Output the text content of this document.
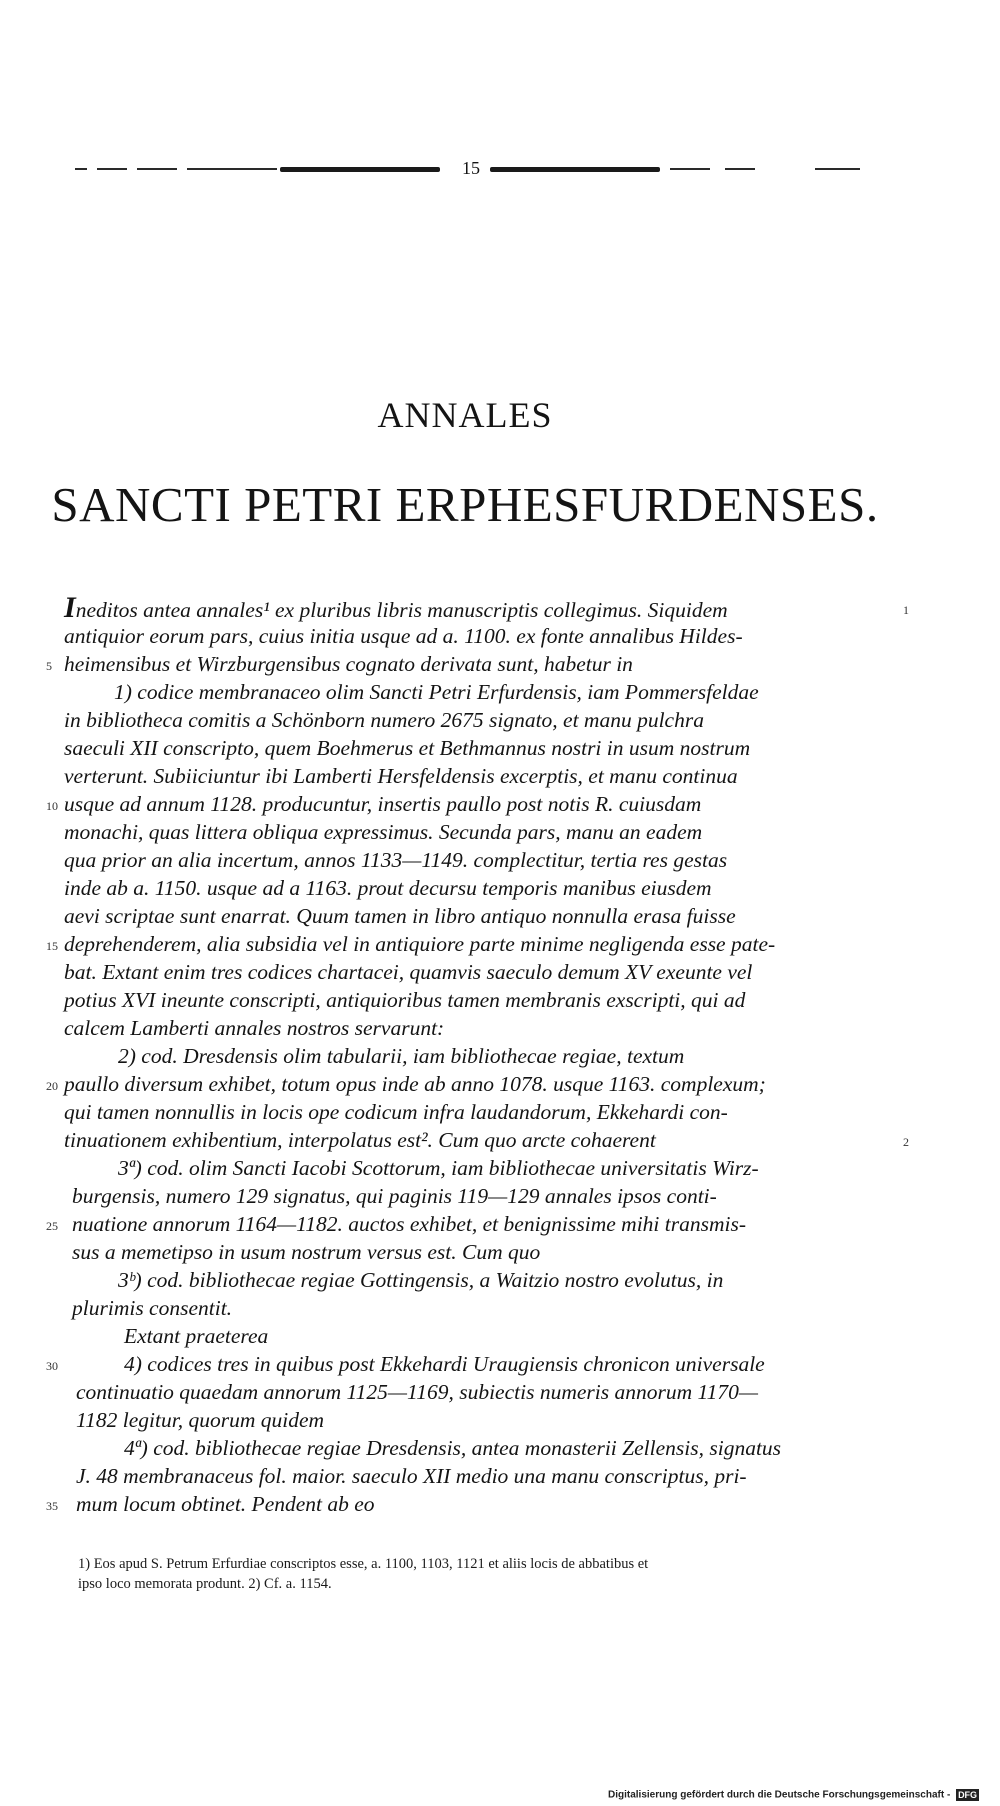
15
ANNALES
SANCTI PETRI ERPHESFURDENSES.
Ineditos antea annales¹ ex pluribus libris manuscriptis collegimus. Siquidem	1
antiquior eorum pars, cuius initia usque ad a. 1100. ex fonte annalibus Hildes-
5 heimensibus et Wirzburgensibus cognato derivata sunt, habetur in
1) codice membranaceo olim Sancti Petri Erfurdensis, iam Pommersfeldae
in bibliotheca comitis a Schönborn numero 2675 signato, et manu pulchra
saeculi XII conscripto, quem Boehmerus et Bethmannus nostri in usum nostrum
verterunt. Subiiciuntur ibi Lamberti Hersfeldensis excerptis, et manu continua
10 usque ad annum 1128. producuntur, insertis paullo post notis R. cuiusdam
monachi, quas littera obliqua expressimus. Secunda pars, manu an eadem
qua prior an alia incertum, annos 1133—1149. complectitur, tertia res gestas
inde ab a. 1150. usque ad a 1163. prout decursu temporis manibus eiusdem
aevi scriptae sunt enarrat. Quum tamen in libro antiquo nonnulla erasa fuisse
15 deprehenderem, alia subsidia vel in antiquiore parte minime negligenda esse pate-
bat. Extant enim tres codices chartacei, quamvis saeculo demum XV exeunte vel
potius XVI ineunte conscripti, antiquioribus tamen membranis exscripti, qui ad
calcem Lamberti annales nostros servarunt:
2) cod. Dresdensis olim tabularii, iam bibliothecae regiae, textum
20 paullo diversum exhibet, totum opus inde ab anno 1078. usque 1163. complexum;
qui tamen nonnullis in locis ope codicum infra laudandorum, Ekkehardi con-
tinuationem exhibentium, interpolatus est². Cum quo arcte cohaerent	2
3ª) cod. olim Sancti Iacobi Scottorum, iam bibliothecae universitatis Wirz-
burgensis, numero 129 signatus, qui paginis 119—129 annales ipsos conti-
25 nuatione annorum 1164—1182. auctos exhibet, et benignissime mihi transmis-
sus a memetipso in usum nostrum versus est. Cum quo
3ᵇ) cod. bibliothecae regiae Gottingensis, a Waitzio nostro evolutus, in
plurimis consentit.
Extant praeterea
30	4) codices tres in quibus post Ekkehardi Uraugiensis chronicon universale
continuatio quaedam annorum 1125—1169, subiectis numeris annorum 1170—
1182 legitur, quorum quidem
4ª) cod. bibliothecae regiae Dresdensis, antea monasterii Zellensis, signatus
J. 48 membranaceus fol. maior. saeculo XII medio una manu conscriptus, pri-
35 mum locum obtinet. Pendent ab eo
1) Eos apud S. Petrum Erfurdiae conscriptos esse, a. 1100, 1103, 1121 et aliis locis de abbatibus et
ipso loco memorata produnt. 2) Cf. a. 1154.
Digitalisierung gefördert durch die Deutsche Forschungsgemeinschaft - DFG
